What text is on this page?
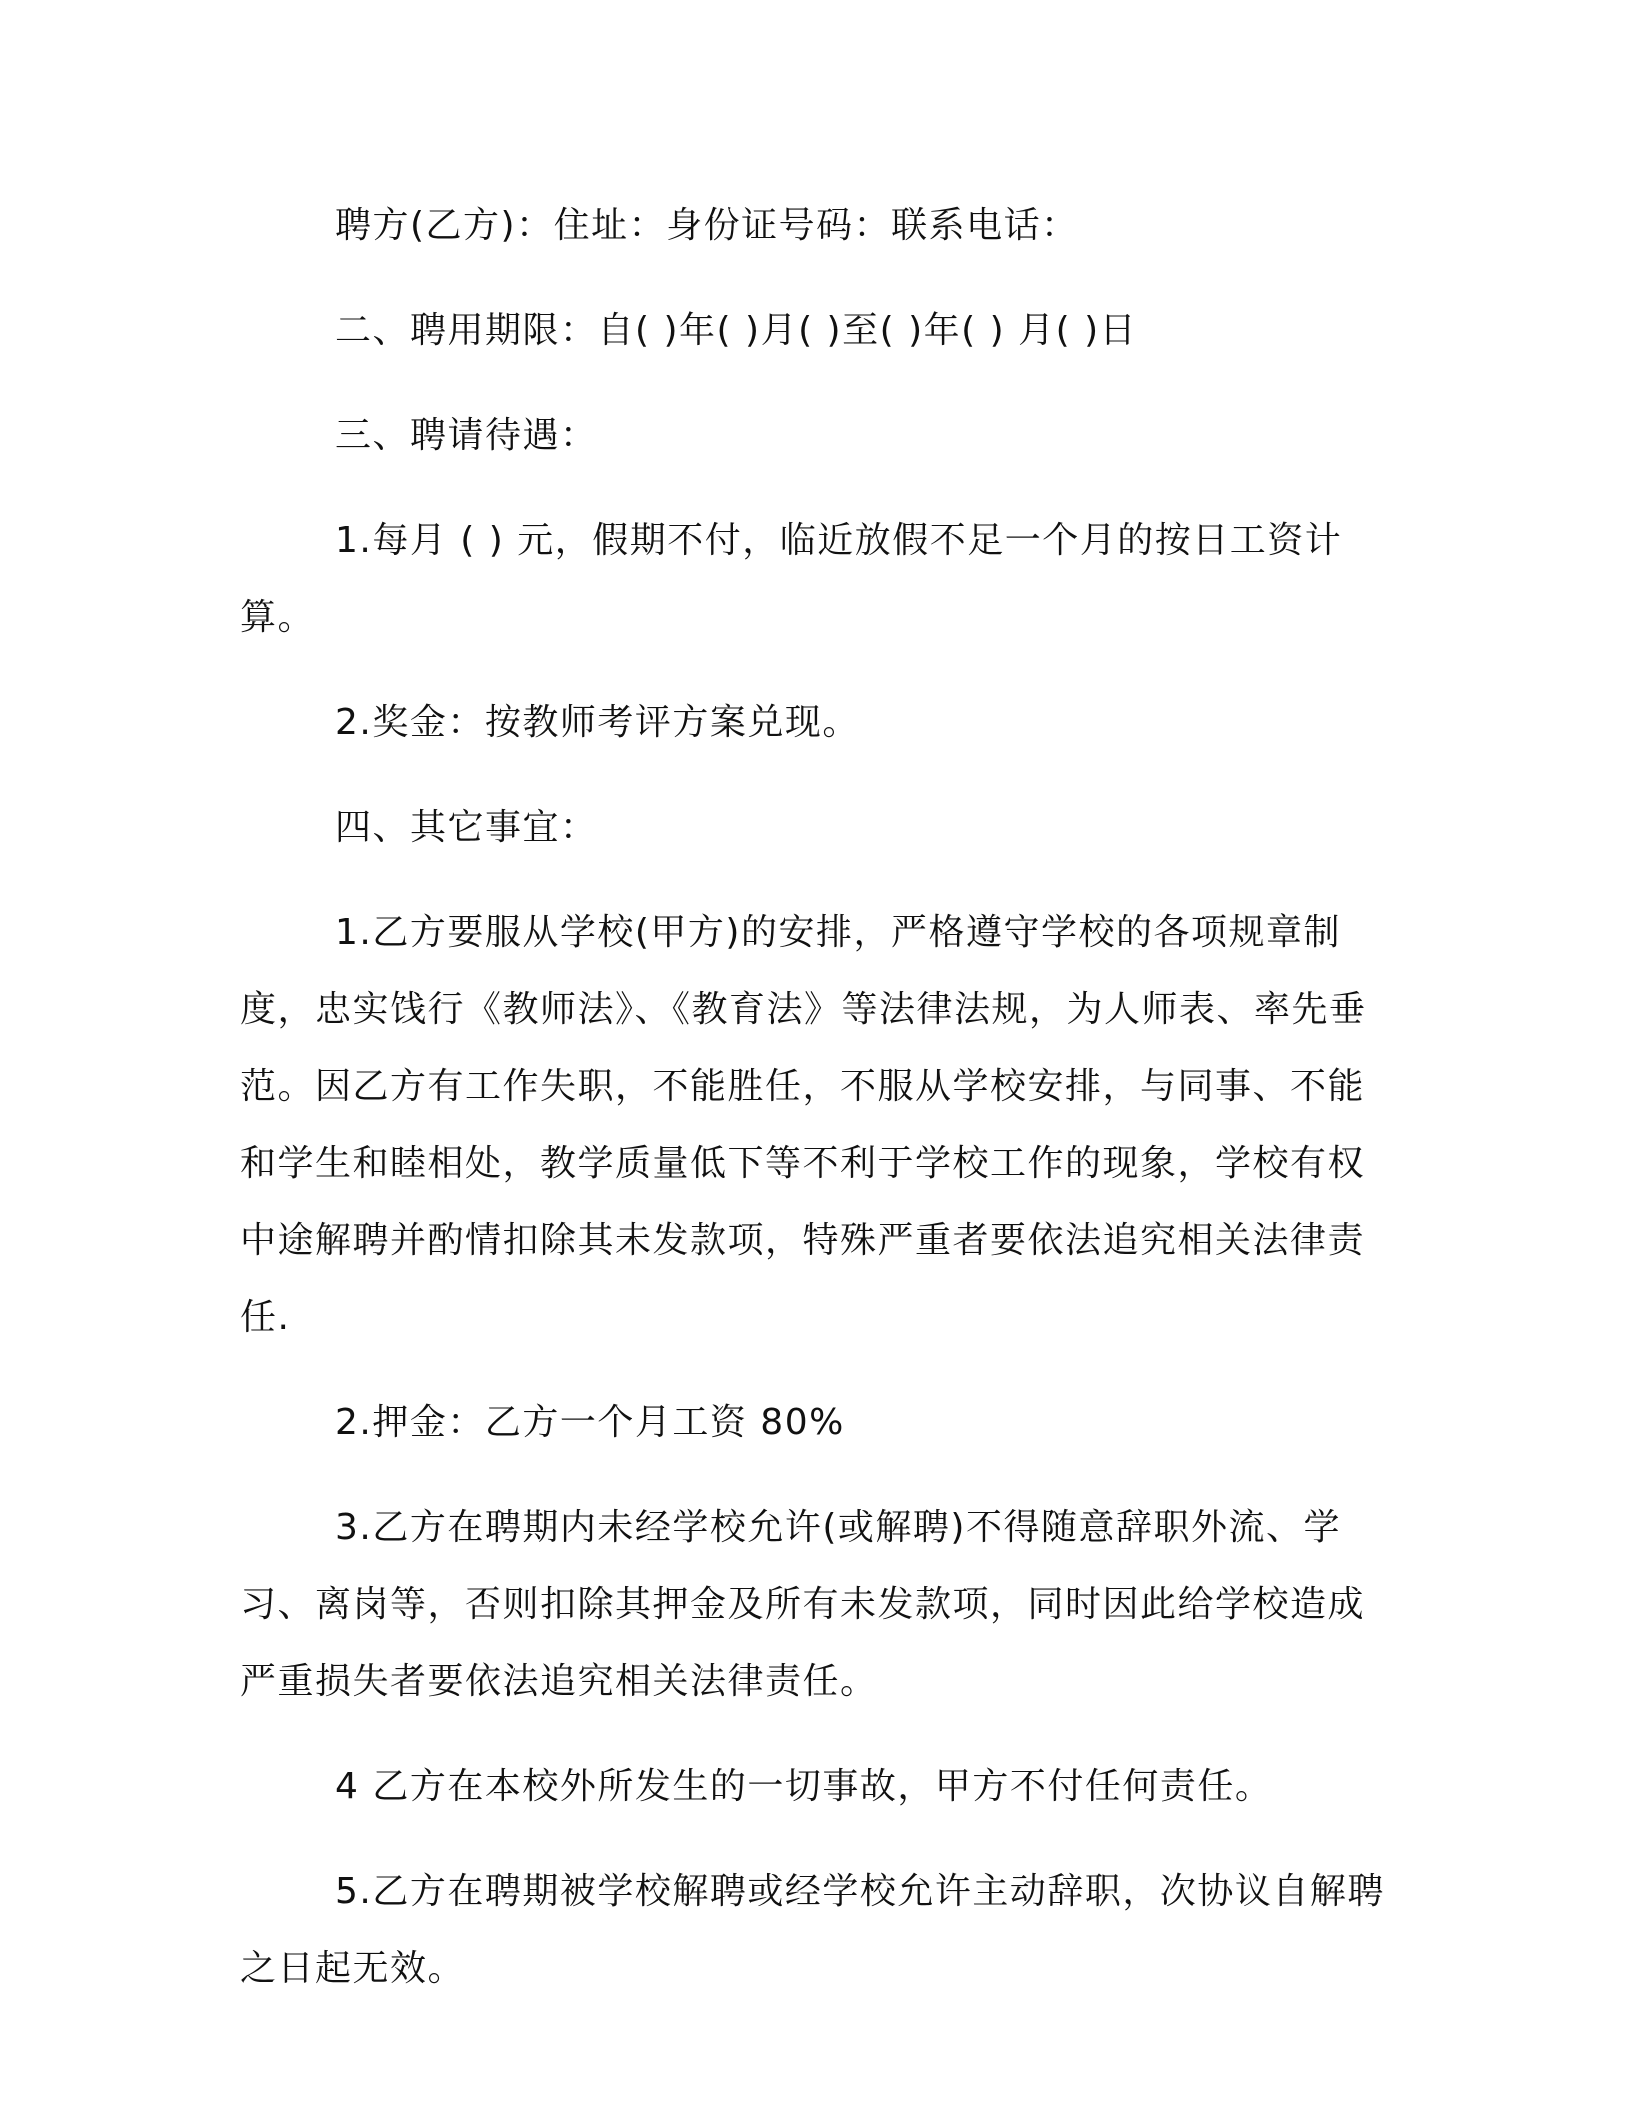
聘方(乙方)：住址：身份证号码：联系电话：

二、聘用期限：自( )年( )月( )至( )年( ) 月( )日

三、聘请待遇：

1.每月 ( ) 元，假期不付，临近放假不足一个月的按日工资计算。

2.奖金：按教师考评方案兑现。

四、其它事宜：

1.乙方要服从学校(甲方)的安排，严格遵守学校的各项规章制度，忠实饯行《教师法》、《教育法》等法律法规，为人师表、率先垂范。因乙方有工作失职，不能胜任，不服从学校安排，与同事、不能和学生和睦相处，教学质量低下等不利于学校工作的现象，学校有权中途解聘并酌情扣除其未发款项，特殊严重者要依法追究相关法律责任.

2.押金：乙方一个月工资 80%

3.乙方在聘期内未经学校允许(或解聘)不得随意辞职外流、学习、离岗等，否则扣除其押金及所有未发款项，同时因此给学校造成严重损失者要依法追究相关法律责任。

4 乙方在本校外所发生的一切事故，甲方不付任何责任。

5.乙方在聘期被学校解聘或经学校允许主动辞职，次协议自解聘之日起无效。
